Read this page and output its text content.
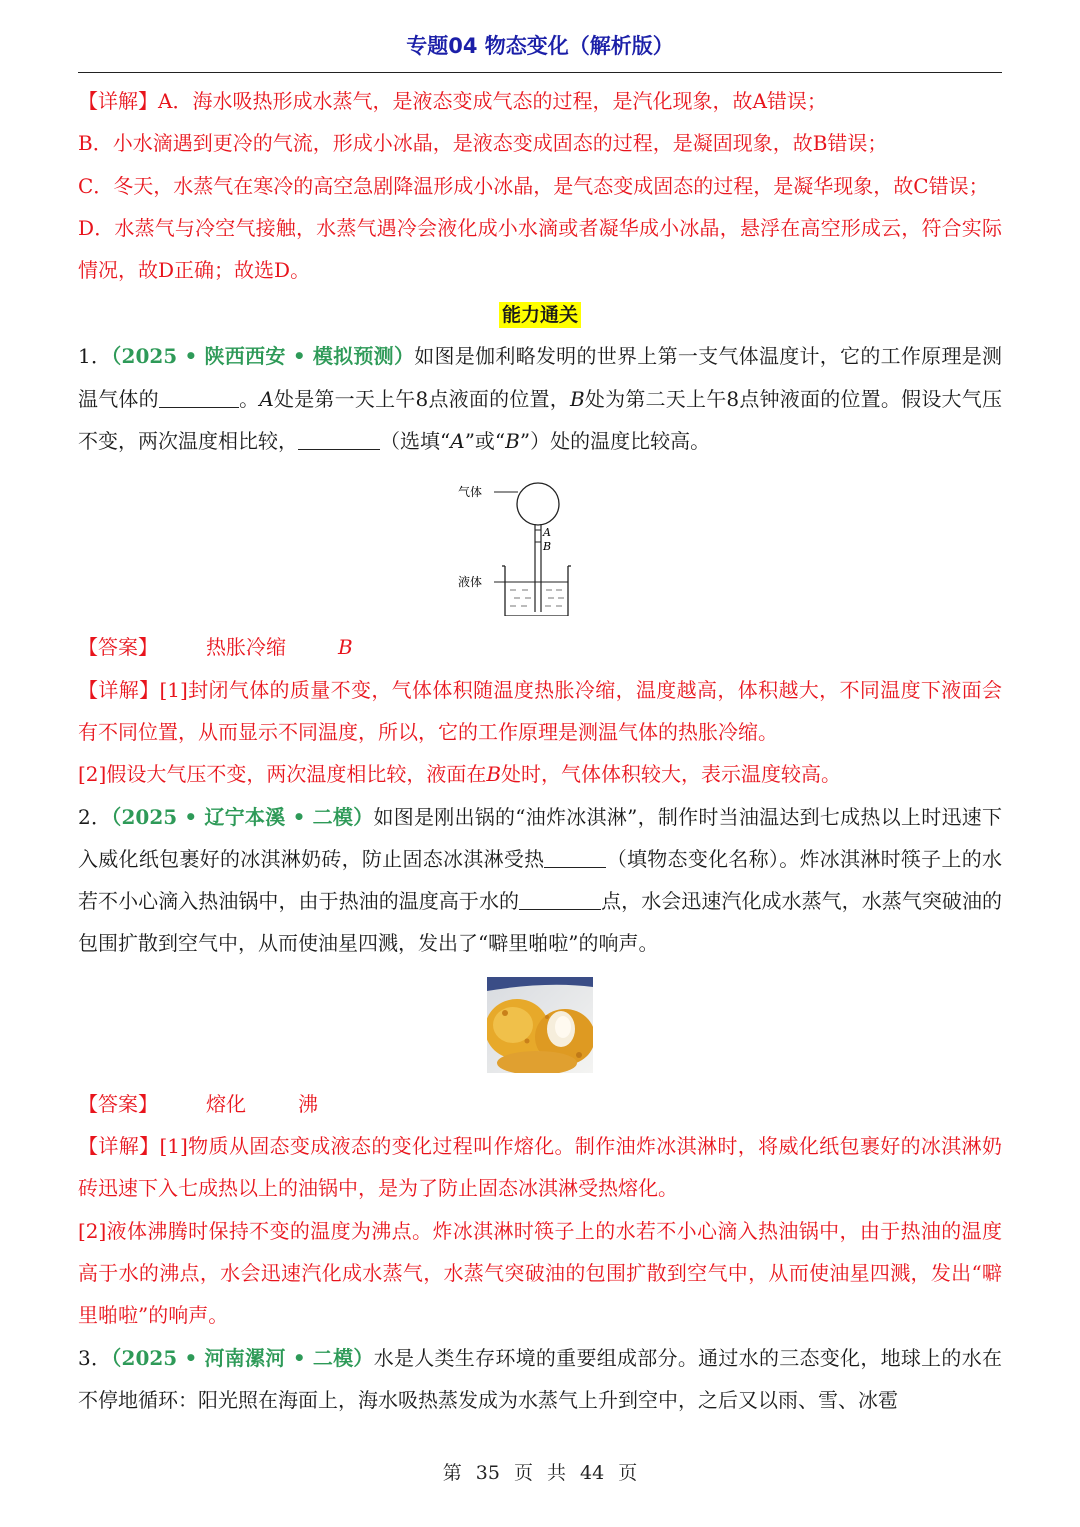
专题04 物态变化（解析版）

【详解】A．海水吸热形成水蒸气，是液态变成气态的过程，是汽化现象，故A错误；

B．小水滴遇到更冷的气流，形成小冰晶，是液态变成固态的过程，是凝固现象，故B错误；

C．冬天，水蒸气在寒冷的高空急剧降温形成小冰晶，是气态变成固态的过程，是凝华现象，故C错误；

D．水蒸气与冷空气接触，水蒸气遇冷会液化成小水滴或者凝华成小冰晶，悬浮在高空形成云，符合实际情况，故D正确；故选D。

能力通关

1．（2025 • 陕西西安 • 模拟预测）如图是伽利略发明的世界上第一支气体温度计，它的工作原理是测温气体的	。A处是第一天上午8点液面的位置，B处为第二天上午8点钟液面的位置。假设大气压不变，两次温度相比较，	（选填“A”或“B”）处的温度比较高。

A
B
气体
液体

【答案】 热胀冷缩	B

【详解】[1]封闭气体的质量不变，气体体积随温度热胀冷缩，温度越高，体积越大，不同温度下液面会有不同位置，从而显示不同温度，所以，它的工作原理是测温气体的热胀冷缩。

[2]假设大气压不变，两次温度相比较，液面在B处时，气体体积较大，表示温度较高。

2．（2025 • 辽宁本溪 • 二模）如图是刚出锅的“油炸冰淇淋”，制作时当油温达到七成热以上时迅速下入威化纸包裹好的冰淇淋奶砖，防止固态冰淇淋受热	（填物态变化名称）。炸冰淇淋时筷子上的水若不小心滴入热油锅中，由于热油的温度高于水的	点，水会迅速汽化成水蒸气，水蒸气突破油的包围扩散到空气中，从而使油星四溅，发出了“噼里啪啦”的响声。

【答案】 熔化	沸

【详解】[1]物质从固态变成液态的变化过程叫作熔化。制作油炸冰淇淋时，将威化纸包裹好的冰淇淋奶砖迅速下入七成热以上的油锅中，是为了防止固态冰淇淋受热熔化。

[2]液体沸腾时保持不变的温度为沸点。炸冰淇淋时筷子上的水若不小心滴入热油锅中，由于热油的温度高于水的沸点，水会迅速汽化成水蒸气，水蒸气突破油的包围扩散到空气中，从而使油星四溅，发出“噼里啪啦”的响声。

3．（2025 • 河南漯河 • 二模）水是人类生存环境的重要组成部分。通过水的三态变化，地球上的水在不停地循环：阳光照在海面上，海水吸热蒸发成为水蒸气上升到空中，之后又以雨、雪、冰雹

第 35 页 共 44 页
